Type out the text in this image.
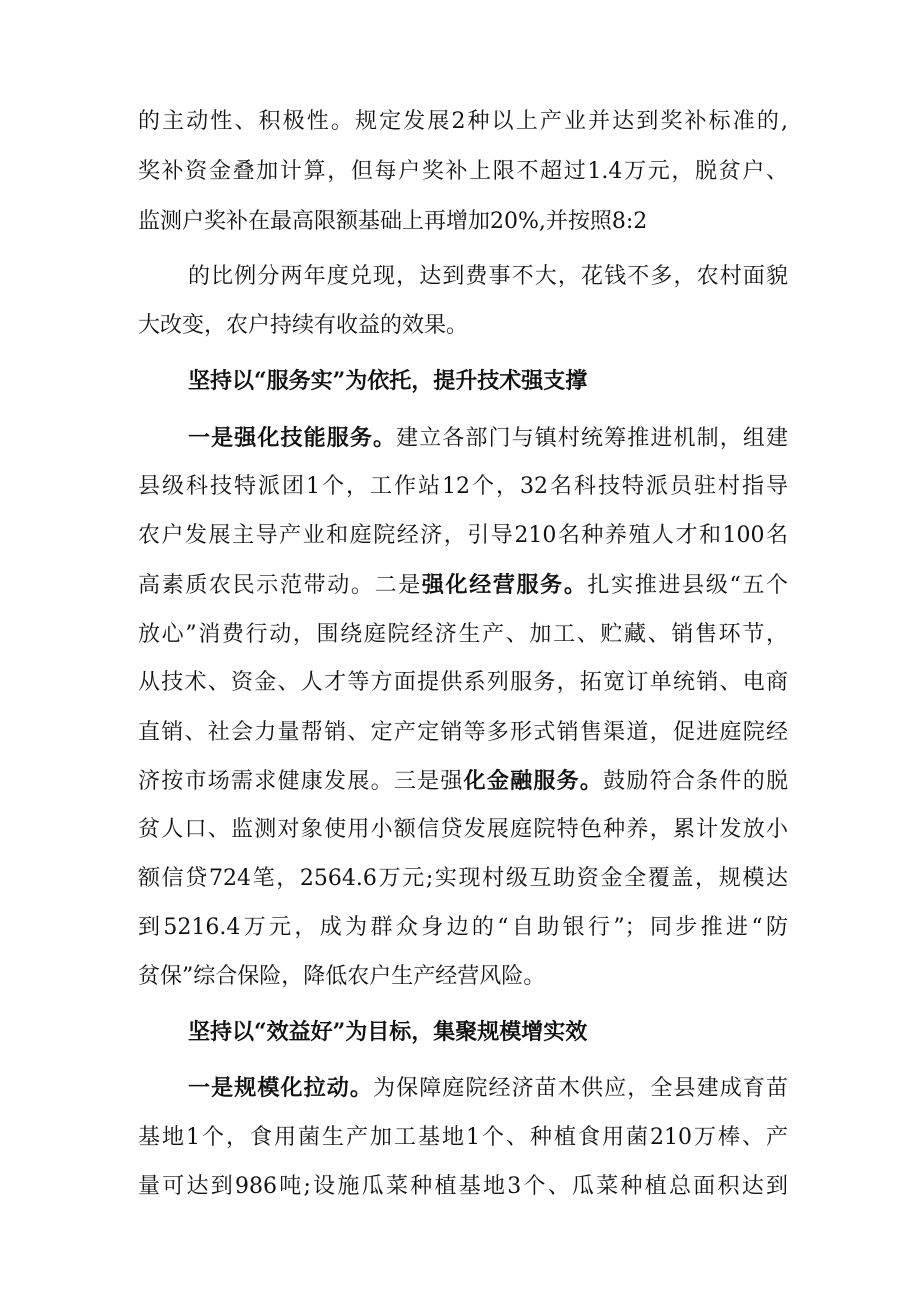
的主动性、积极性。规定发展2种以上产业并达到奖补标准的,
奖补资金叠加计算，但每户奖补上限不超过1.4万元，脱贫户、
监测户奖补在最高限额基础上再增加20%,并按照8:2
的比例分两年度兑现，达到费事不大，花钱不多，农村面貌
大改变，农户持续有收益的效果。
坚持以“服务实”为依托，提升技术强支撑
一是强化技能服务。建立各部门与镇村统筹推进机制，组建
县级科技特派团1个，工作站12个，32名科技特派员驻村指导
农户发展主导产业和庭院经济，引导210名种养殖人才和100名
高素质农民示范带动。二是强化经营服务。扎实推进县级“五个
放心”消费行动，围绕庭院经济生产、加工、贮藏、销售环节，
从技术、资金、人才等方面提供系列服务，拓宽订单统销、电商
直销、社会力量帮销、定产定销等多形式销售渠道，促进庭院经
济按市场需求健康发展。三是强化金融服务。鼓励符合条件的脱
贫人口、监测对象使用小额信贷发展庭院特色种养，累计发放小
额信贷724笔，2564.6万元;实现村级互助资金全覆盖，规模达
到5216.4万元，成为群众身边的“自助银行”；同步推进“防
贫保”综合保险，降低农户生产经营风险。
坚持以“效益好”为目标，集聚规模增实效
一是规模化拉动。为保障庭院经济苗木供应，全县建成育苗
基地1个，食用菌生产加工基地1个、种植食用菌210万棒、产
量可达到986吨;设施瓜菜种植基地3个、瓜菜种植总面积达到
